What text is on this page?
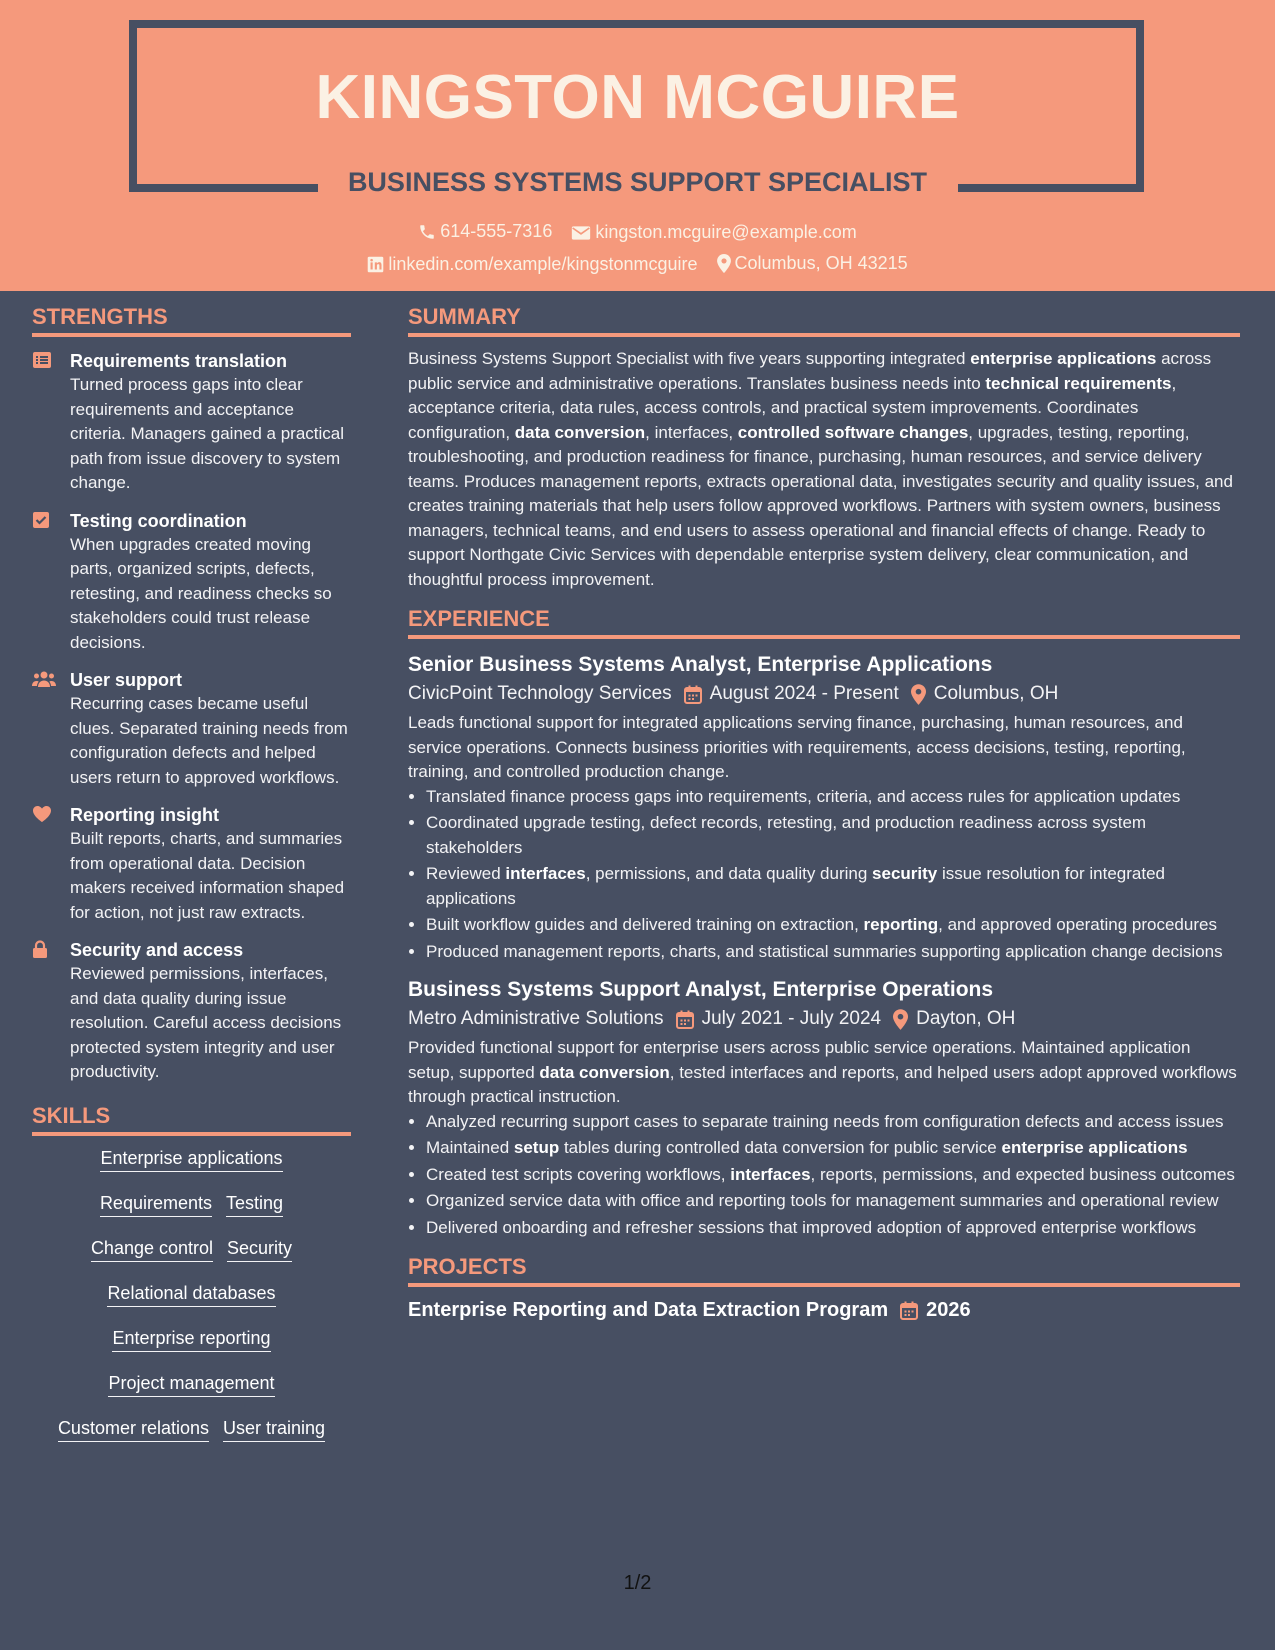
KINGSTON MCGUIRE
BUSINESS SYSTEMS SUPPORT SPECIALIST
614-555-7316
kingston.mcguire@example.com
linkedin.com/example/kingstonmcguire
Columbus, OH 43215
STRENGTHS
Requirements translation
Turned process gaps into clear requirements and acceptance criteria. Managers gained a practical path from issue discovery to system change.
Testing coordination
When upgrades created moving parts, organized scripts, defects, retesting, and readiness checks so stakeholders could trust release decisions.
User support
Recurring cases became useful clues. Separated training needs from configuration defects and helped users return to approved workflows.
Reporting insight
Built reports, charts, and summaries from operational data. Decision makers received information shaped for action, not just raw extracts.
Security and access
Reviewed permissions, interfaces, and data quality during issue resolution. Careful access decisions protected system integrity and user productivity.
SKILLS
Enterprise applications
Requirements Testing
Change control Security
Relational databases
Enterprise reporting
Project management
Customer relations User training
SUMMARY
Business Systems Support Specialist with five years supporting integrated enterprise applications across public service and administrative operations. Translates business needs into technical requirements, acceptance criteria, data rules, access controls, and practical system improvements. Coordinates configuration, data conversion, interfaces, controlled software changes, upgrades, testing, reporting, troubleshooting, and production readiness for finance, purchasing, human resources, and service delivery teams. Produces management reports, extracts operational data, investigates security and quality issues, and creates training materials that help users follow approved workflows. Partners with system owners, business managers, technical teams, and end users to assess operational and financial effects of change. Ready to support Northgate Civic Services with dependable enterprise system delivery, clear communication, and thoughtful process improvement.
EXPERIENCE
Senior Business Systems Analyst, Enterprise Applications
CivicPoint Technology Services	August 2024 - Present	Columbus, OH
Leads functional support for integrated applications serving finance, purchasing, human resources, and service operations. Connects business priorities with requirements, access decisions, testing, reporting, training, and controlled production change.
• Translated finance process gaps into requirements, criteria, and access rules for application updates
• Coordinated upgrade testing, defect records, retesting, and production readiness across system stakeholders
• Reviewed interfaces, permissions, and data quality during security issue resolution for integrated applications
• Built workflow guides and delivered training on extraction, reporting, and approved operating procedures
• Produced management reports, charts, and statistical summaries supporting application change decisions
Business Systems Support Analyst, Enterprise Operations
Metro Administrative Solutions	July 2021 - July 2024	Dayton, OH
Provided functional support for enterprise users across public service operations. Maintained application setup, supported data conversion, tested interfaces and reports, and helped users adopt approved workflows through practical instruction.
• Analyzed recurring support cases to separate training needs from configuration defects and access issues
• Maintained setup tables during controlled data conversion for public service enterprise applications
• Created test scripts covering workflows, interfaces, reports, permissions, and expected business outcomes
• Organized service data with office and reporting tools for management summaries and operational review
• Delivered onboarding and refresher sessions that improved adoption of approved enterprise workflows
PROJECTS
Enterprise Reporting and Data Extraction Program 2026
1/2
